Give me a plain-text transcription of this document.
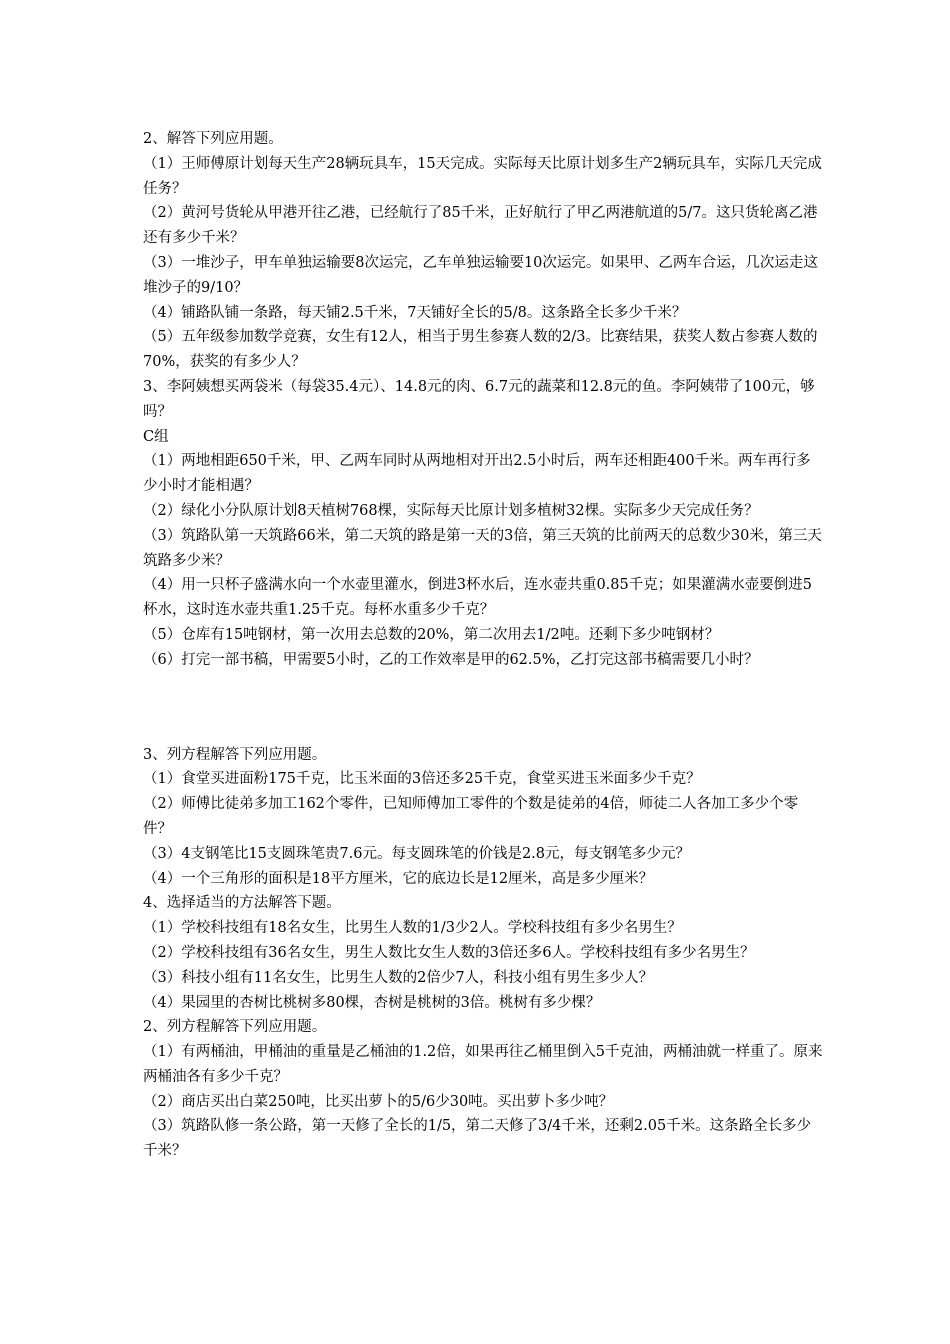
2、解答下列应用题。

（1）王师傅原计划每天生产28辆玩具车，15天完成。实际每天比原计划多生产2辆玩具车，实际几天完成任务？

（2）黄河号货轮从甲港开往乙港，已经航行了85千米，正好航行了甲乙两港航道的5/7。这只货轮离乙港还有多少千米？

（3）一堆沙子，甲车单独运输要8次运完，乙车单独运输要10次运完。如果甲、乙两车合运，几次运走这堆沙子的9/10？

（4）铺路队铺一条路，每天铺2.5千米，7天铺好全长的5/8。这条路全长多少千米？

（5）五年级参加数学竞赛，女生有12人，相当于男生参赛人数的2/3。比赛结果，获奖人数占参赛人数的70%，获奖的有多少人？

3、李阿姨想买两袋米（每袋35.4元）、14.8元的肉、6.7元的蔬菜和12.8元的鱼。李阿姨带了100元，够吗？

C组

（1）两地相距650千米，甲、乙两车同时从两地相对开出2.5小时后，两车还相距400千米。两车再行多少小时才能相遇？

（2）绿化小分队原计划8天植树768棵，实际每天比原计划多植树32棵。实际多少天完成任务？

（3）筑路队第一天筑路66米，第二天筑的路是第一天的3倍，第三天筑的比前两天的总数少30米，第三天筑路多少米？

（4）用一只杯子盛满水向一个水壶里灌水，倒进3杯水后，连水壶共重0.85千克；如果灌满水壶要倒进5杯水，这时连水壶共重1.25千克。每杯水重多少千克？

（5）仓库有15吨钢材，第一次用去总数的20%，第二次用去1/2吨。还剩下多少吨钢材？

（6）打完一部书稿，甲需要5小时，乙的工作效率是甲的62.5%，乙打完这部书稿需要几小时？

3、列方程解答下列应用题。

（1）食堂买进面粉175千克，比玉米面的3倍还多25千克，食堂买进玉米面多少千克？

（2）师傅比徒弟多加工162个零件，已知师傅加工零件的个数是徒弟的4倍，师徒二人各加工多少个零件？

（3）4支钢笔比15支圆珠笔贵7.6元。每支圆珠笔的价钱是2.8元，每支钢笔多少元？

（4）一个三角形的面积是18平方厘米，它的底边长是12厘米，高是多少厘米？

4、选择适当的方法解答下题。

（1）学校科技组有18名女生，比男生人数的1/3少2人。学校科技组有多少名男生？

（2）学校科技组有36名女生，男生人数比女生人数的3倍还多6人。学校科技组有多少名男生？

（3）科技小组有11名女生，比男生人数的2倍少7人，科技小组有男生多少人？

（4）果园里的杏树比桃树多80棵，杏树是桃树的3倍。桃树有多少棵？

2、列方程解答下列应用题。

（1）有两桶油，甲桶油的重量是乙桶油的1.2倍，如果再往乙桶里倒入5千克油，两桶油就一样重了。原来两桶油各有多少千克？

（2）商店买出白菜250吨，比买出萝卜的5/6少30吨。买出萝卜多少吨？

（3）筑路队修一条公路，第一天修了全长的1/5，第二天修了3/4千米，还剩2.05千米。这条路全长多少千米？
